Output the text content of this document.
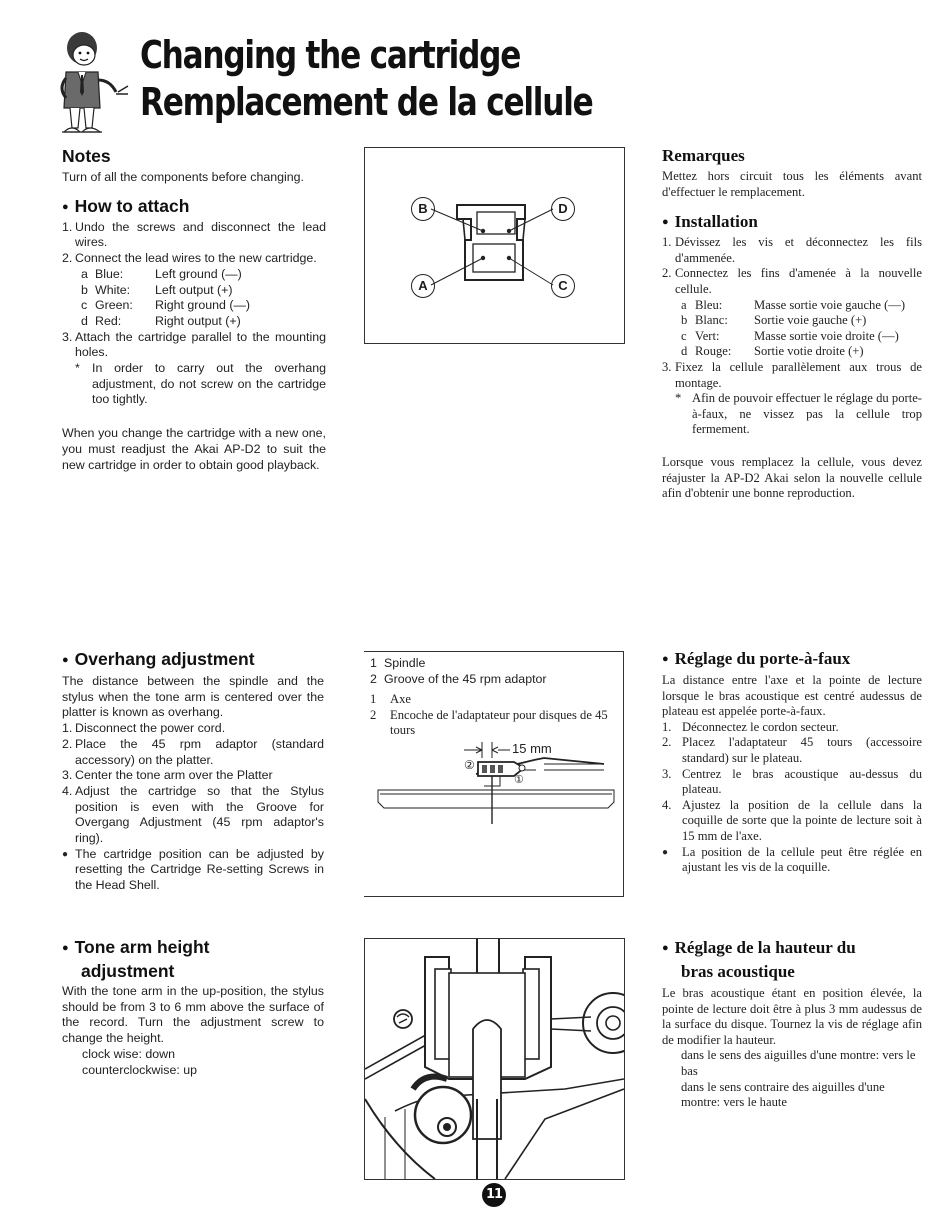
Changing the cartridge
Remplacement de la cellule
Notes
Turn of all the components before changing.
● How to attach
1. Undo the screws and disconnect the lead wires.
2. Connect the lead wires to the new cartridge.
a Blue:	Left ground (—)
b White:	Left output (+)
c Green:	Right ground (—)
d Red:	Right output (+)
3. Attach the cartridge parallel to the mounting holes.
* In order to carry out the overhang adjustment, do not screw on the cartridge too tightly.
When you change the cartridge with a new one, you must readjust the Akai AP-D2 to suit the new cartridge in order to obtain good playback.
● Overhang adjustment
The distance between the spindle and the stylus when the tone arm is centered over the platter is known as overhang.
1. Disconnect the power cord.
2. Place the 45 rpm adaptor (standard accessory) on the platter.
3. Center the tone arm over the Platter
4. Adjust the cartridge so that the Stylus position is even with the Groove for Overgang Adjustment (45 rpm adaptor's ring).
● The cartridge position can be adjusted by resetting the Cartridge Re-setting Screws in the Head Shell.
● Tone arm height
adjustment
With the tone arm in the up-position, the stylus should be from 3 to 6 mm above the surface of the record. Turn the adjustment screw to change the height.
clock wise: down
counterclockwise: up
B	D
A	C
1 Spindle
2 Groove of the 45 rpm adaptor
1	Axe
2	Encoche de l'adaptateur pour disques de 45 tours
15 mm
②
①
Remarques
Mettez hors circuit tous les éléments avant d'effectuer le remplacement.
● Installation
1. Dévissez les vis et déconnectez les fils d'ammenée.
2. Connectez les fins d'amenée à la nouvelle cellule.
a Bleu:	Masse sortie voie gauche (—)
b Blanc:	Sortie voie gauche (+)
c Vert:	Masse sortie voie droite (—)
d Rouge:	Sortie votie droite (+)
3. Fixez la cellule parallèlement aux trous de montage.
* Afin de pouvoir effectuer le réglage du porte-à-faux, ne vissez pas la cellule trop fermement.
Lorsque vous remplacez la cellule, vous devez réajuster la AP-D2 Akai selon la nouvelle cellule afin d'obtenir une bonne reproduction.
● Réglage du porte-à-faux
La distance entre l'axe et la pointe de lecture lorsque le bras acoustique est centré audessus de plateau est appelée porte-à-faux.
1. Déconnectez le cordon secteur.
2. Placez l'adaptateur 45 tours (accessoire standard) sur le plateau.
3. Centrez le bras acoustique au-dessus du plateau.
4. Ajustez la position de la cellule dans la coquille de sorte que la pointe de lecture soit à 15 mm de l'axe.
●	La position de la cellule peut être réglée en ajustant les vis de la coquille.
● Réglage de la hauteur du
bras acoustique
Le bras acoustique étant en position élevée, la pointe de lecture doit être à plus 3 mm audessus de la surface du disque. Tournez la vis de réglage afin de modifier la hauteur.
dans le sens des aiguilles d'une montre: vers le bas
dans le sens contraire des aiguilles d'une montre: vers le haute
11
